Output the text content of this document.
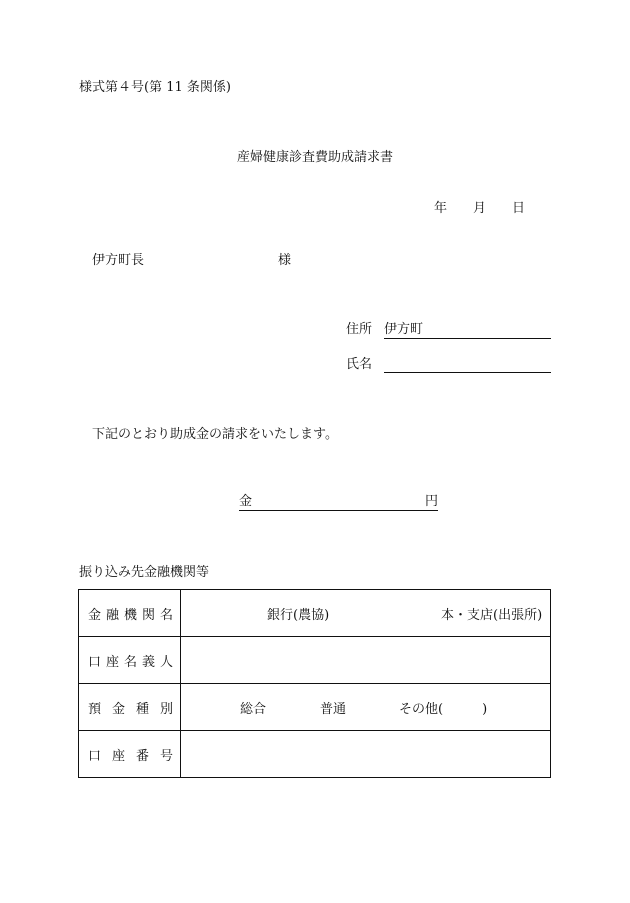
様式第４号(第 11 条関係)
産婦健康診査費助成請求書
年 月 日
伊方町長	様
住所 伊方町
氏名
下記のとおり助成金の請求をいたします。
金	円
振り込み先金融機関等
金 融 機 関 名	銀行(農協) 本・支店(出張所)

口 座 名 義 人	

預 金 種 別	総合 普通 その他(　　　)

口 座 番 号	
